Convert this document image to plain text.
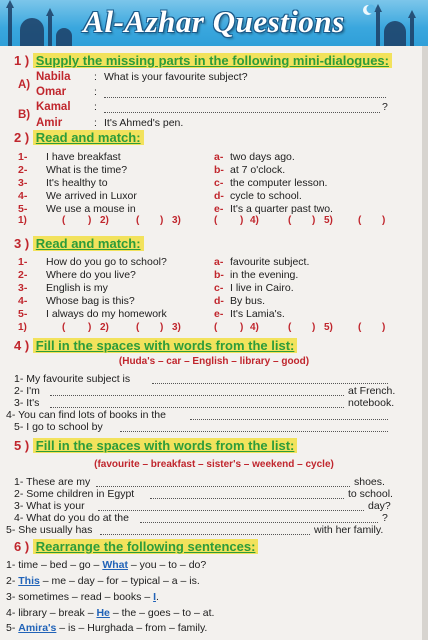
Al-Azhar Questions
1 ) Supply the missing parts in the following mini-dialogues:
Nabila : What is your favourite subject?
A)
Omar	:
Kamal :	?
B)
Amir	: It's Ahmed's pen.
2 ) Read and match:
1- I have breakfast	a- two days ago.
2- What is the time?	b- at 7 o'clock.
3- It's healthy to	c- the computer lesson.
4- We arrived in Luxor	d- cycle to school.
5- We use a mouse in	e- It's a quarter past two.
1)	( ) 2)	( ) 3)	( ) 4)	( ) 5)	( )
3 ) Read and match:
1- How do you go to school?	a- favourite subject.
2- Where do you live?	b- in the evening.
3- English is my	c- I live in Cairo.
4- Whose bag is this?	d- By bus.
5- I always do my homework	e- It's Lamia's.
1)	( ) 2)	( ) 3)	( ) 4)	( ) 5)	( )
4 ) Fill in the spaces with words from the list:
(Huda's – car – English – library – good)
1- My favourite subject is
2- I'm	at French.
3- It's	notebook.
4- You can find lots of books in the
5- I go to school by
5 ) Fill in the spaces with words from the list:
(favourite – breakfast – sister's – weekend – cycle)
1- These are my	shoes.
2- Some children in Egypt	to school.
3- What is your	day?
4- What do you do at the	?
5- She usually has	with her family.
6 ) Rearrange the following sentences:
1- time – bed – go – What – you – to – do?
2- This – me – day – for – typical – a – is.
3- sometimes – read – books – I.
4- library – break – He – the – goes – to – at.
5- Amira's – is – Hurghada – from – family.
